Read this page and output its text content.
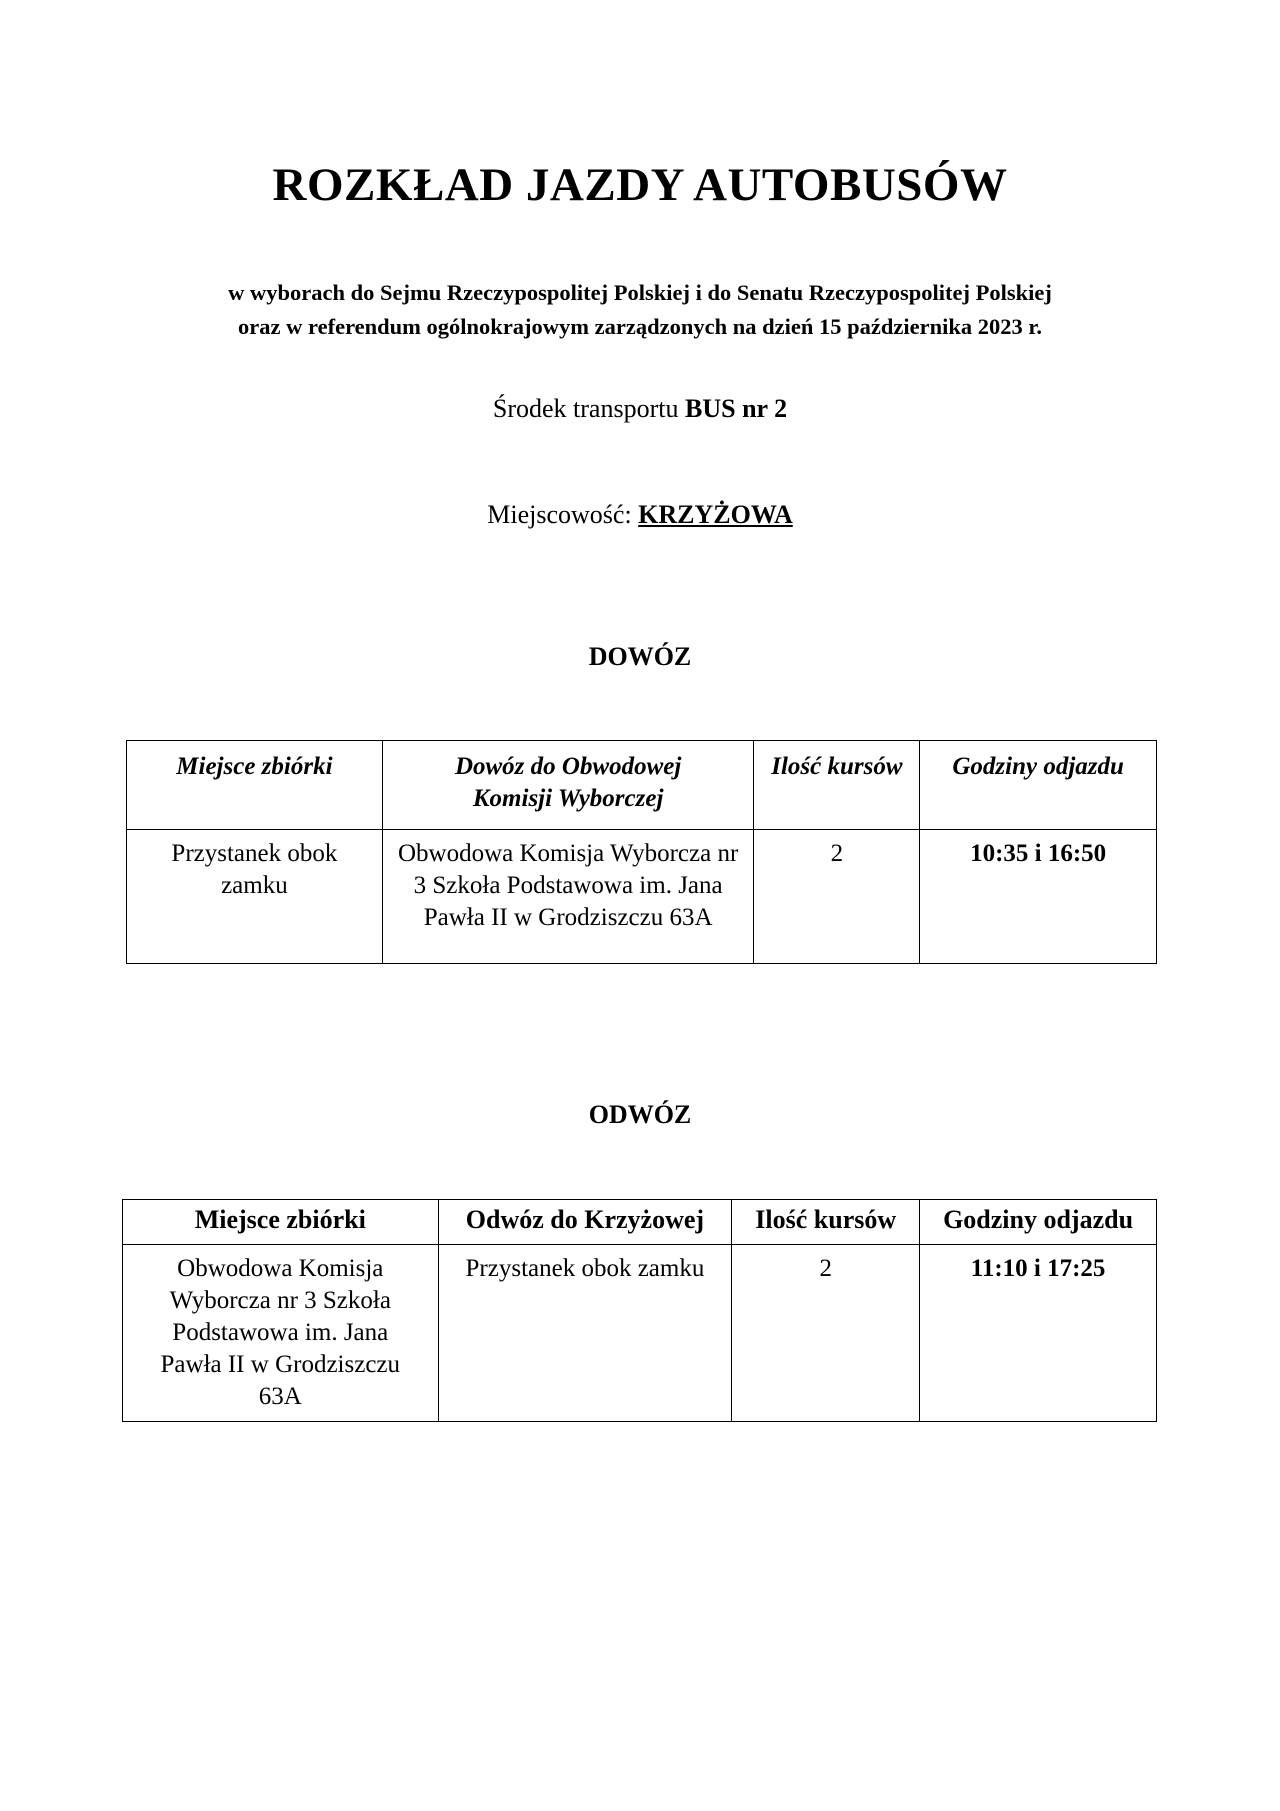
ROZKŁAD JAZDY AUTOBUSÓW
w wyborach do Sejmu Rzeczypospolitej Polskiej i do Senatu Rzeczypospolitej Polskiej
oraz w referendum ogólnokrajowym zarządzonych na dzień 15 października 2023 r.
Środek transportu BUS nr 2
Miejscowość: KRZYŻOWA
DOWÓZ
Miejsce zbiórki	Dowóz do Obwodowej Komisji Wyborczej	Ilość kursów	Godziny odjazdu
Przystanek obok zamku	Obwodowa Komisja Wyborcza nr 3 Szkoła Podstawowa im. Jana Pawła II w Grodziszczu 63A	2	10:35 i 16:50
ODWÓZ
Miejsce zbiórki	Odwóz do Krzyżowej	Ilość kursów	Godziny odjazdu
Obwodowa Komisja Wyborcza nr 3 Szkoła Podstawowa im. Jana Pawła II w Grodziszczu 63A	Przystanek obok zamku	2	11:10 i 17:25
